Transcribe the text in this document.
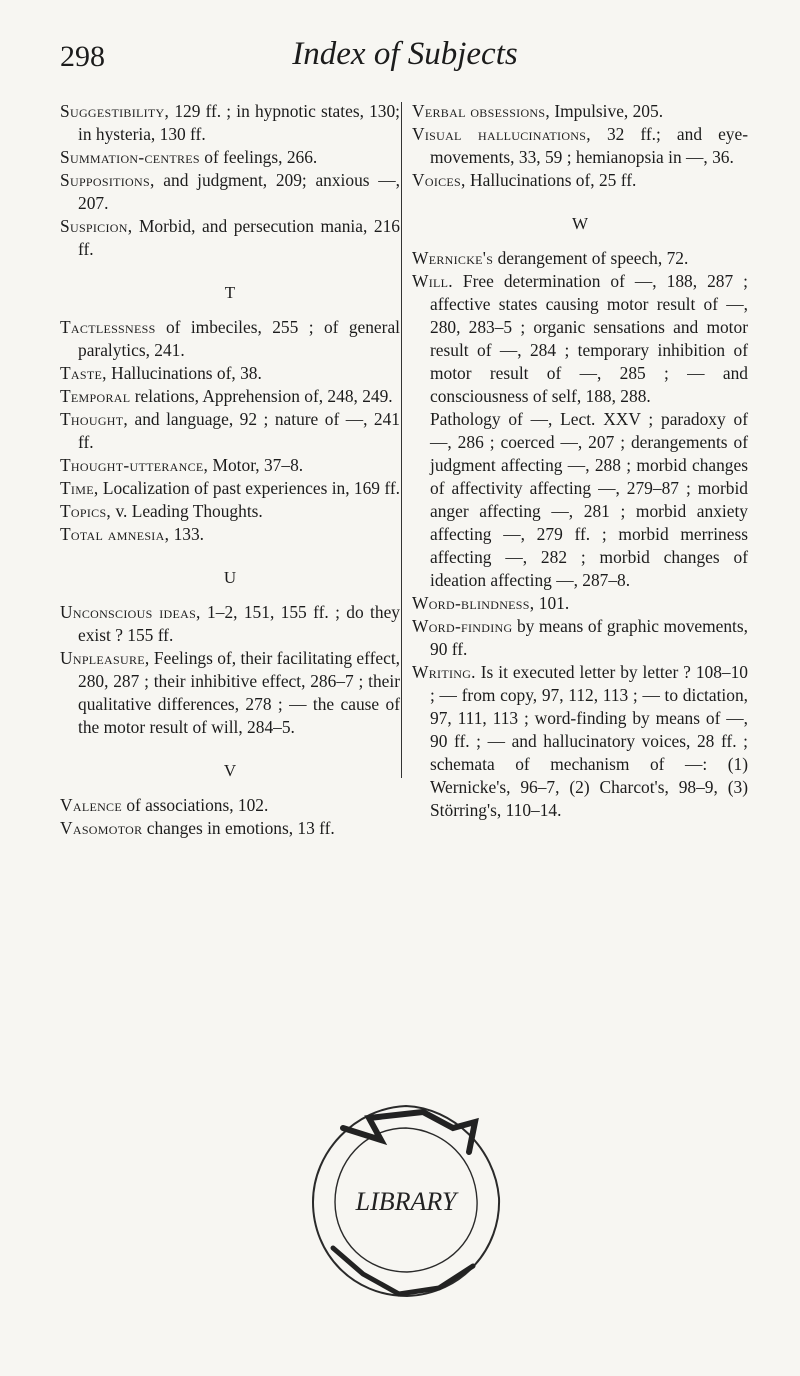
298	Index of Subjects

Suggestibility, 129 ff. ; in hypnotic states, 130; in hysteria, 130 ff.

Summation-centres of feelings, 266.

Suppositions, and judgment, 209; anxious —, 207.

Suspicion, Morbid, and persecution mania, 216 ff.

T

Tactlessness of imbeciles, 255 ; of general paralytics, 241.

Taste, Hallucinations of, 38.

Temporal relations, Apprehension of, 248, 249.

Thought, and language, 92 ; nature of —, 241 ff.

Thought-utterance, Motor, 37–8.

Time, Localization of past experiences in, 169 ff.

Topics, v. Leading Thoughts.

Total amnesia, 133.

U

Unconscious ideas, 1–2, 151, 155 ff. ; do they exist ? 155 ff.

Unpleasure, Feelings of, their facilitating effect, 280, 287 ; their inhibitive effect, 286–7 ; their qualitative differences, 278 ; — the cause of the motor result of will, 284–5.

V

Valence of associations, 102.

Vasomotor changes in emotions, 13 ff.

Verbal obsessions, Impulsive, 205.

Visual hallucinations, 32 ff.; and eye-movements, 33, 59 ; hemianopsia in —, 36.

Voices, Hallucinations of, 25 ff.

W

Wernicke's derangement of speech, 72.

Will. Free determination of —, 188, 287 ; affective states causing motor result of —, 280, 283–5 ; organic sensations and motor result of —, 284 ; temporary inhibition of motor result of —, 285 ; — and consciousness of self, 188, 288.

Pathology of —, Lect. XXV ; paradoxy of —, 286 ; coerced —, 207 ; derangements of judgment affecting —, 288 ; morbid changes of affectivity affecting —, 279–87 ; morbid anger affecting —, 281 ; morbid anxiety affecting —, 279 ff. ; morbid merriness affecting —, 282 ; morbid changes of ideation affecting —, 287–8.

Word-blindness, 101.

Word-finding by means of graphic movements, 90 ff.

Writing. Is it executed letter by letter ? 108–10 ; — from copy, 97, 112, 113 ; — to dictation, 97, 111, 113 ; word-finding by means of —, 90 ff. ; — and hallucinatory voices, 28 ff. ; schemata of mechanism of —: (1) Wernicke's, 96–7, (2) Charcot's, 98–9, (3) Störring's, 110–14.

LIBRARY
